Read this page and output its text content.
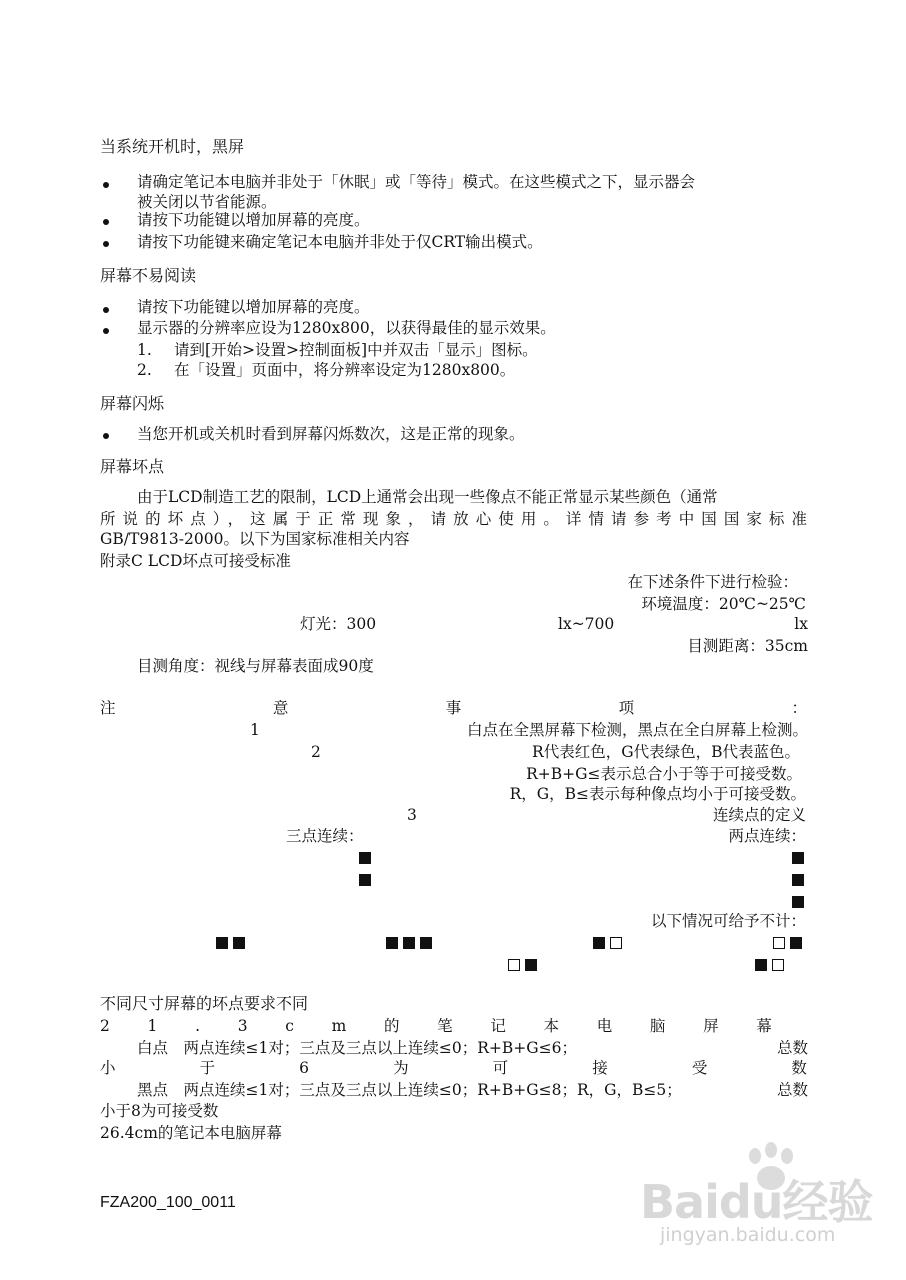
当系统开机时，黑屏
请确定笔记本电脑并非处于「休眠」或「等待」模式。在这些模式之下，显示器会
被关闭以节省能源。
请按下功能键以增加屏幕的亮度。
请按下功能键来确定笔记本电脑并非处于仅CRT输出模式。
屏幕不易阅读
请按下功能键以增加屏幕的亮度。
显示器的分辨率应设为1280x800，以获得最佳的显示效果。
1. 请到[开始>设置>控制面板]中并双击「显示」图标。
2. 在「设置」页面中，将分辨率设定为1280x800。
屏幕闪烁
当您开机或关机时看到屏幕闪烁数次，这是正常的现象。
屏幕坏点
由于LCD制造工艺的限制，LCD上通常会出现一些像点不能正常显示某些颜色（通常
所说的坏点），这属于正常现象，请放心使用。详情请参考中国国家标准
GB/T9813-2000。以下为国家标准相关内容
附录C LCD坏点可接受标准
在下述条件下进行检验：
环境温度：20℃~25℃
灯光：300	lx~700	lx
目测距离：35cm
目测角度：视线与屏幕表面成90度
注	意	事	项	：
1	白点在全黑屏幕下检测，黑点在全白屏幕上检测。
2	R代表红色，G代表绿色，B代表蓝色。
R+B+G≤表示总合小于等于可接受数。
R，G，B≤表示每种像点均小于可接受数。
3	连续点的定义
三点连续：	两点连续：
以下情况可给予不计：

不同尺寸屏幕的坏点要求不同
2 1 . 3 c m 的 笔 记 本 电 脑 屏 幕
白点　两点连续≤1对；三点及三点以上连续≤0；R+B+G≤6；	总数
小	于	6	为	可	接	受	数
黑点　两点连续≤1对；三点及三点以上连续≤0；R+B+G≤8；R，G，B≤5；	总数
小于8为可接受数
26.4cm的笔记本电脑屏幕
FZA200_100_0011	Baidu经验
jingyan.baidu.com
